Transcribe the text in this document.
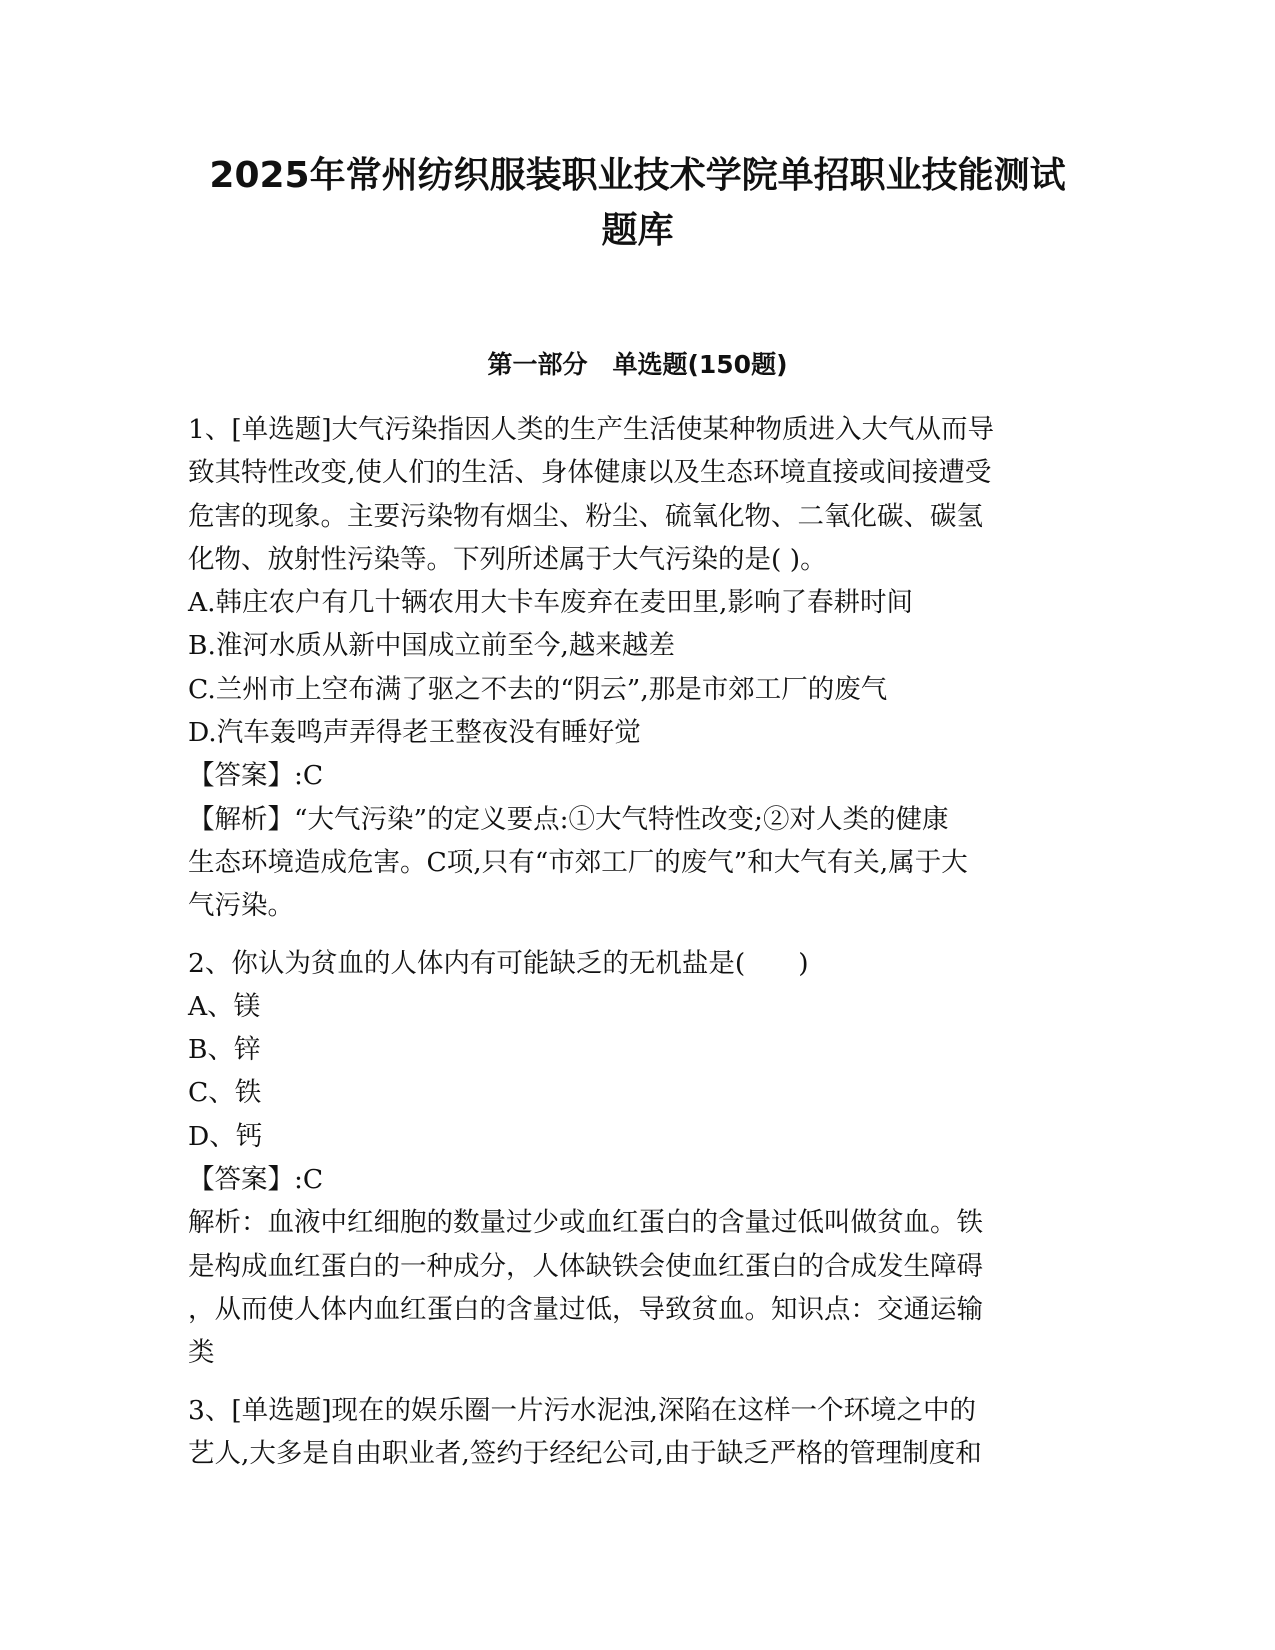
2025年常州纺织服装职业技术学院单招职业技能测试
题库
第一部分　单选题(150题)

1、[单选题]大气污染指因人类的生产生活使某种物质进入大气从而导

致其特性改变,使人们的生活、身体健康以及生态环境直接或间接遭受

危害的现象。主要污染物有烟尘、粉尘、硫氧化物、二氧化碳、碳氢

化物、放射性污染等。下列所述属于大气污染的是( )。

A.韩庄农户有几十辆农用大卡车废弃在麦田里,影响了春耕时间

B.淮河水质从新中国成立前至今,越来越差

C.兰州市上空布满了驱之不去的“阴云”,那是市郊工厂的废气

D.汽车轰鸣声弄得老王整夜没有睡好觉

【答案】:C

【解析】“大气污染”的定义要点:①大气特性改变;②对人类的健康

生态环境造成危害。C项,只有“市郊工厂的废气”和大气有关,属于大

气污染。

2、你认为贫血的人体内有可能缺乏的无机盐是(　　)

A、镁

B、锌

C、铁

D、钙

【答案】:C

解析：血液中红细胞的数量过少或血红蛋白的含量过低叫做贫血。铁

是构成血红蛋白的一种成分，人体缺铁会使血红蛋白的合成发生障碍

，从而使人体内血红蛋白的含量过低，导致贫血。知识点：交通运输

类

3、[单选题]现在的娱乐圈一片污水泥浊,深陷在这样一个环境之中的

艺人,大多是自由职业者,签约于经纪公司,由于缺乏严格的管理制度和
